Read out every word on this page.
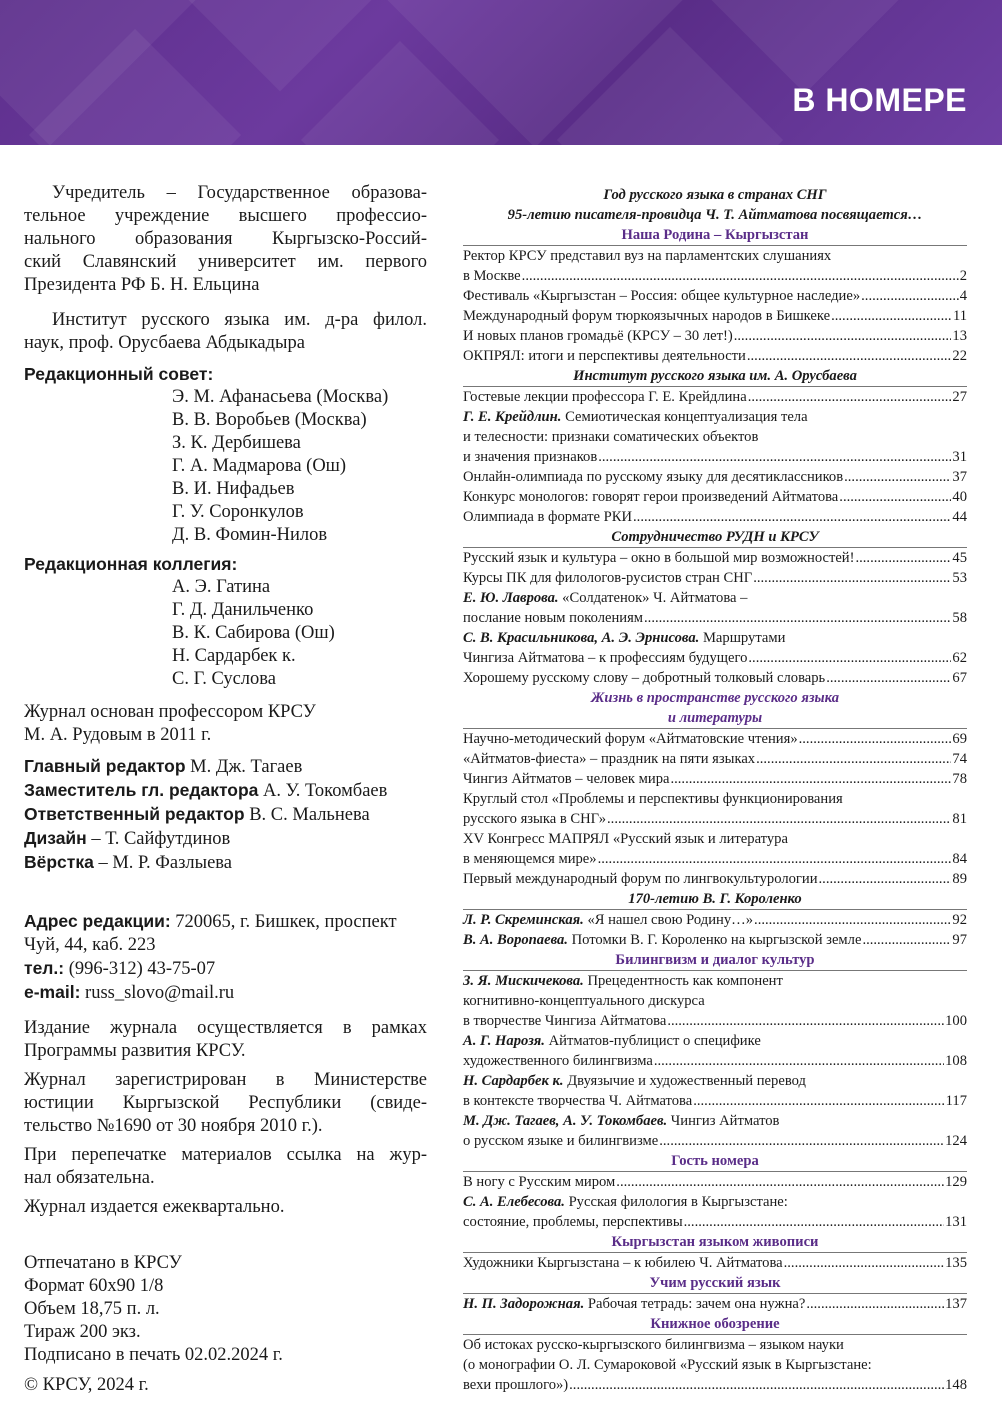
В НОМЕРЕ

Учредитель – Государственное образова-

тельное учреждение высшего профессио-

нального образования Кыргызско-Россий-

ский Славянский университет им. первого

Президента РФ Б. Н. Ельцина

Институт русского языка им. д-ра филол.

наук, проф. Орусбаева Абдыкадыра

Редакционный совет:

Э. М. Афанасьева (Москва)

В. В. Воробьев (Москва)

З. К. Дербишева

Г. А. Мадмарова (Ош)

В. И. Нифадьев

Г. У. Соронкулов

Д. В. Фомин-Нилов

Редакционная коллегия:

А. Э. Гатина

Г. Д. Данильченко

В. К. Сабирова (Ош)

Н. Сардарбек к.

С. Г. Суслова

Журнал основан профессором КРСУ

М. А. Рудовым в 2011 г.

Главный редактор М. Дж. Тагаев

Заместитель гл. редактора А. У. Токомбаев

Ответственный редактор В. С. Мальнева

Дизайн – Т. Сайфутдинов

Вёрстка – М. Р. Фазлыева

Адрес редакции: 720065, г. Бишкек, проспект

Чуй, 44, каб. 223

тел.: (996-312) 43-75-07

e-mail: russ_slovo@mail.ru

Издание журнала осуществляется в рамках

Программы развития КРСУ.

Журнал зарегистрирован в Министерстве

юстиции Кыргызской Республики (свиде-

тельство №1690 от 30 ноября 2010 г.).

При перепечатке материалов ссылка на жур-

нал обязательна.

Журнал издается ежеквартально.

Отпечатано в КРСУ

Формат 60х90 1/8

Объем 18,75 п. л.

Тираж 200 экз.

Подписано в печать 02.02.2024 г.

© КРСУ, 2024 г.

Год русского языка в странах СНГ
95-летию писателя-провидца Ч. Т. Айтматова посвящается…
Наша Родина – Кыргызстан
Ректор КРСУ представил вуз на парламентских слушаниях
в Москве .....	2
Фестиваль «Кыргызстан – Россия: общее культурное наследие» .....	4
Международный форум тюркоязычных народов в Бишкеке .....	11
И новых планов громадьё (КРСУ – 30 лет!) .....	13
ОКПРЯЛ: итоги и перспективы деятельности .....	22
Институт русского языка им. А. Орусбаева
Гостевые лекции профессора Г. Е. Крейдлина .....	27
Г. Е. Крейдлин. Семиотическая концептуализация тела
и телесности: признаки соматических объектов
и значения признаков .....	31
Онлайн-олимпиада по русскому языку для десятиклассников .....	37
Конкурс монологов: говорят герои произведений Айтматова .....	40
Олимпиада в формате РКИ .....	44
Сотрудничество РУДН и КРСУ
Русский язык и культура – окно в большой мир возможностей! .....	45
Курсы ПК для филологов-русистов стран СНГ .....	53
Е. Ю. Лаврова. «Солдатенок» Ч. Айтматова –
послание новым поколениям .....	58
С. В. Красильникова, А. Э. Эрнисова. Маршрутами
Чингиза Айтматова – к профессиям будущего .....	62
Хорошему русскому слову – добротный толковый словарь .....	67
Жизнь в пространстве русского языка
и литературы
Научно-методический форум «Айтматовские чтения» .....	69
«Айтматов-фиеста» – праздник на пяти языках .....	74
Чингиз Айтматов – человек мира .....	78
Круглый стол «Проблемы и перспективы функционирования
русского языка в СНГ» .....	81
XV Конгресс МАПРЯЛ «Русский язык и литература
в меняющемся мире» .....	84
Первый международный форум по лингвокультурологии .....	89
170-летию В. Г. Короленко
Л. Р. Скреминская. «Я нашел свою Родину…» .....	92
В. А. Воропаева. Потомки В. Г. Короленко на кыргызской земле .....	97
Билингвизм и диалог культур
З. Я. Мискичекова. Прецедентность как компонент
когнитивно-концептуального дискурса
в творчестве Чингиза Айтматова .....	100
А. Г. Нарозя. Айтматов-публицист о специфике
художественного билингвизма .....	108
Н. Сардарбек к. Двуязычие и художественный перевод
в контексте творчества Ч. Айтматова .....	117
М. Дж. Тагаев, А. У. Токомбаев. Чингиз Айтматов
о русском языке и билингвизме .....	124
Гость номера
В ногу с Русским миром .....	129
С. А. Елебесова. Русская филология в Кыргызстане:
состояние, проблемы, перспективы .....	131
Кыргызстан языком живописи
Художники Кыргызстана – к юбилею Ч. Айтматова .....	135
Учим русский язык
Н. П. Задорожная. Рабочая тетрадь: зачем она нужна? .....	137
Книжное обозрение
Об истоках русско-кыргызского билингвизма – языком науки
(о монографии О. Л. Сумароковой «Русский язык в Кыргызстане:
вехи прошлого») .....	148
